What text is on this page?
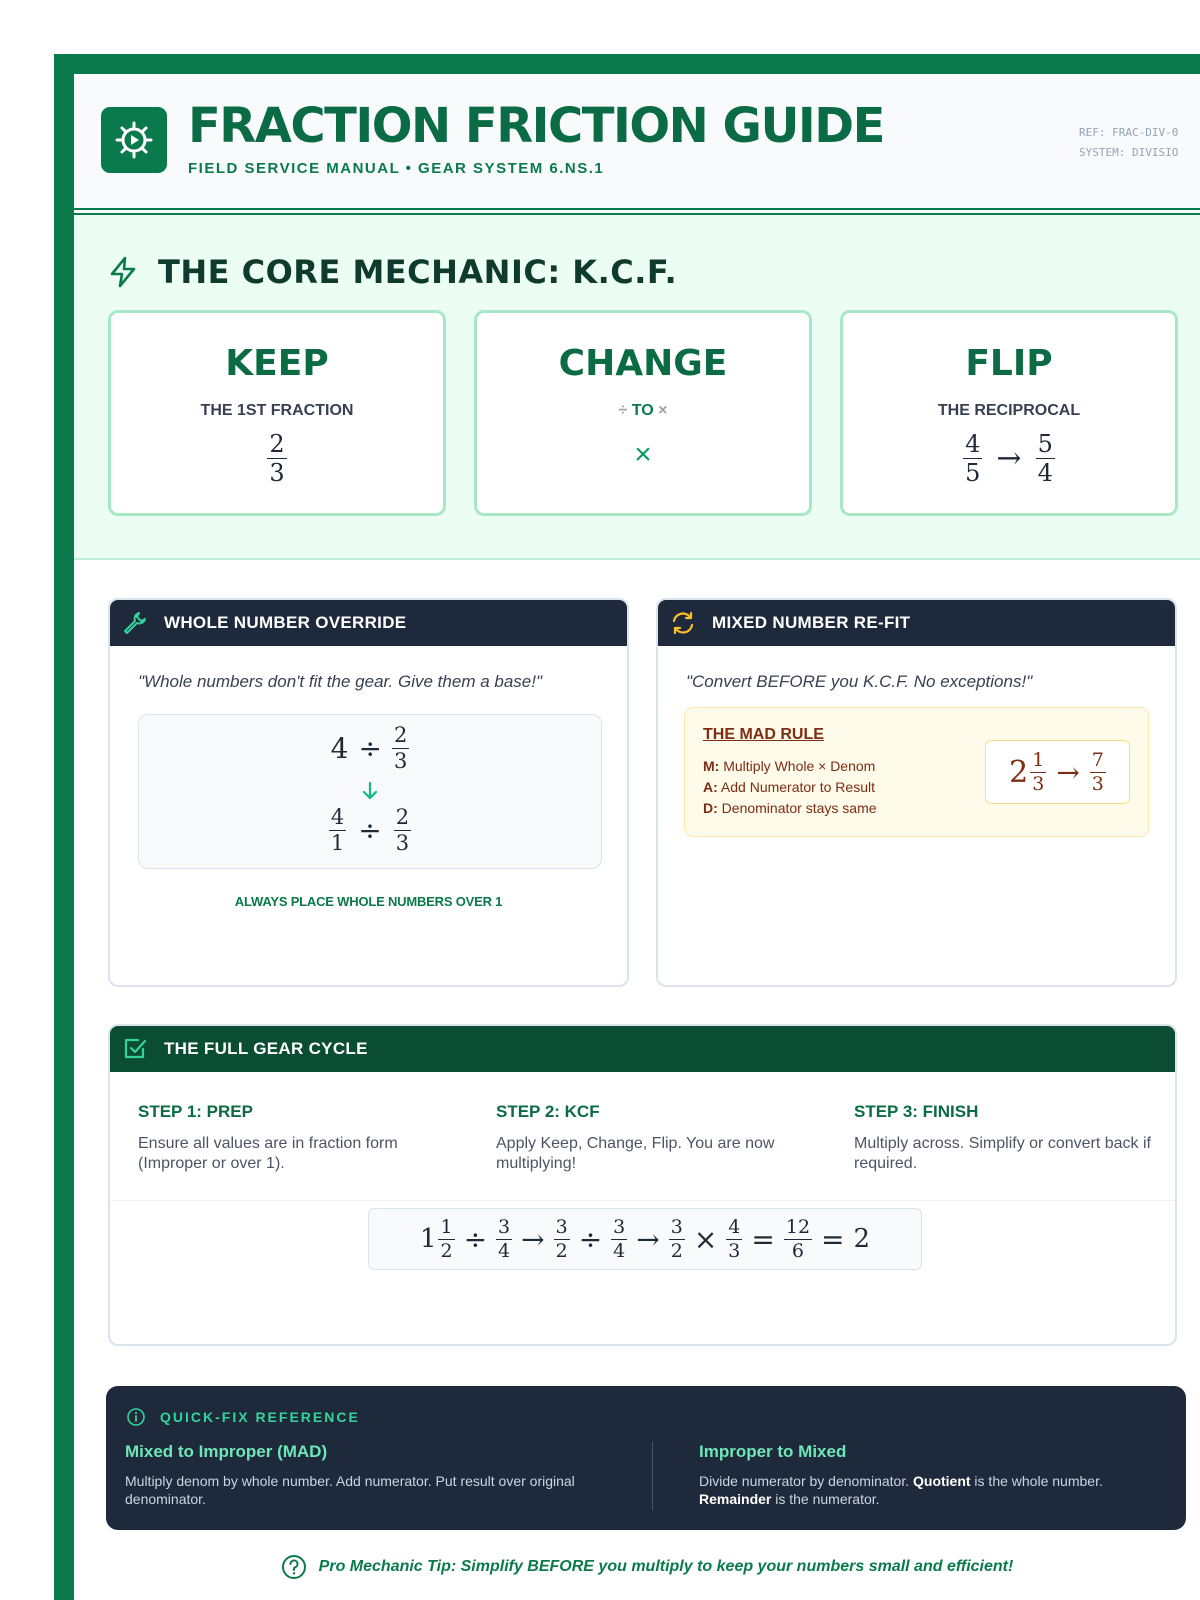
FRACTION FRICTION GUIDE
FIELD SERVICE MANUAL • GEAR SYSTEM 6.NS.1
REF: FRAC-DIV-0
SYSTEM: DIVISIO
THE CORE MECHANIC: K.C.F.
KEEP
THE 1ST FRACTION
$\frac{2}{3}$
CHANGE
÷ TO ×
×
FLIP
THE RECIPROCAL
$\frac{4}{5} \to \frac{5}{4}$
WHOLE NUMBER OVERRIDE
"Whole numbers don't fit the gear. Give them a base!"
$4 \div \frac{2}{3}$
$\frac{4}{1} \div \frac{2}{3}$
ALWAYS PLACE WHOLE NUMBERS OVER 1
MIXED NUMBER RE-FIT
"Convert BEFORE you K.C.F. No exceptions!"
THE MAD RULE
M: Multiply Whole × Denom
A: Add Numerator to Result
D: Denominator stays same
$2 \frac{1}{3} \to \frac{7}{3}$
THE FULL GEAR CYCLE
STEP 1: PREP
Ensure all values are in fraction form (Improper or over 1).
STEP 2: KCF
Apply Keep, Change, Flip. You are now multiplying!
STEP 3: FINISH
Multiply across. Simplify or convert back if required.
$1 \frac{1}{2} \div \frac{3}{4} \to \frac{3}{2} \div \frac{3}{4} \to \frac{3}{2} \times \frac{4}{3} = \frac{12}{6} = 2$
QUICK-FIX REFERENCE
Mixed to Improper (MAD)
Multiply denom by whole number. Add numerator. Put result over original denominator.
Improper to Mixed
Divide numerator by denominator. Quotient is the whole number. Remainder is the numerator.
Pro Mechanic Tip: Simplify BEFORE you multiply to keep your numbers small and efficient!
